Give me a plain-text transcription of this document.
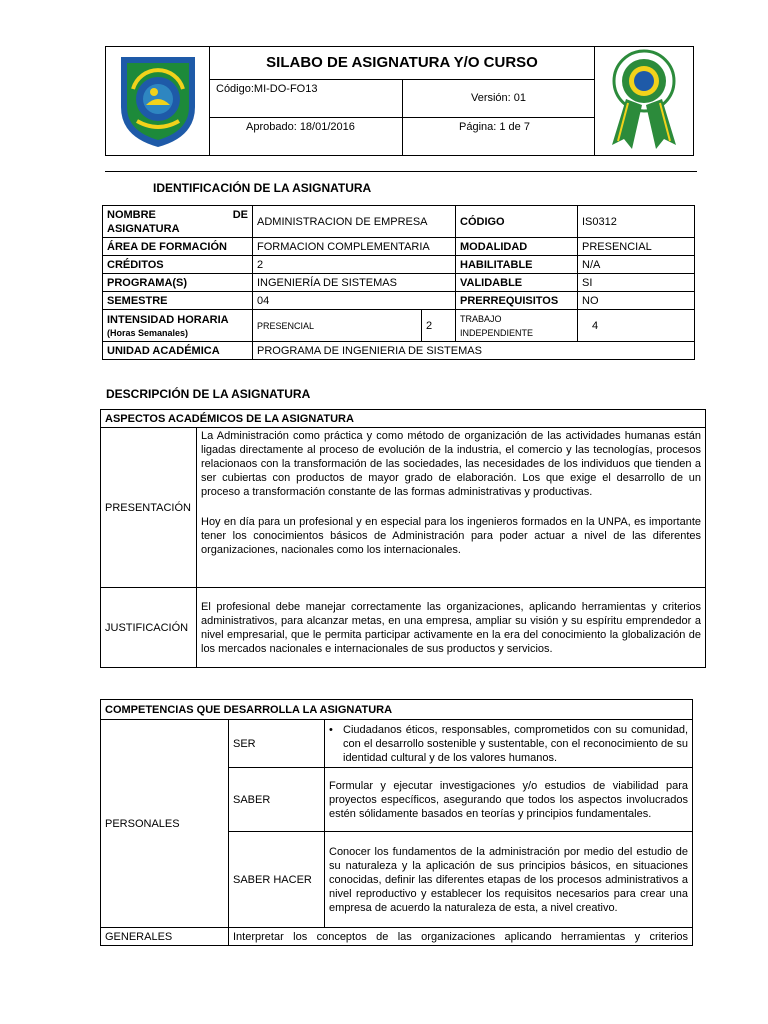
	SILABO DE ASIGNATURA Y/O CURSO	
	Código:MI-DO-FO13	Versión: 01	
	Aprobado: 18/01/2016	Página: 1 de 7	
IDENTIFICACIÓN DE LA ASIGNATURA
NOMBRE DE
ASIGNATURA	ADMINISTRACION DE EMPRESA		CÓDIGO	IS0312
ÁREA DE FORMACIÓN	FORMACION COMPLEMENTARIA		MODALIDAD	PRESENCIAL
CRÉDITOS	2		HABILITABLE	N/A
PROGRAMA(S)	INGENIERÍA DE SISTEMAS		VALIDABLE	SI
SEMESTRE	04		PRERREQUISITOS	NO

INTENSIDAD HORARIA
(Horas Semanales)	PRESENCIAL	2	TRABAJO INDEPENDIENTE	4
UNIDAD ACADÉMICA	PROGRAMA DE INGENIERIA DE SISTEMAS			
DESCRIPCIÓN DE LA ASIGNATURA
ASPECTOS ACADÉMICOS DE LA ASIGNATURA	
PRESENTACIÓN	La Administración como práctica y como método de organización de las actividades humanas están ligadas directamente al proceso de evolución de la industria, el comercio y las tecnologías, procesos relacionaos con la transformación de las sociedades, las necesidades de los individuos que tienden a ser cubiertas con productos de mayor grado de elaboración. Los que exige el desarrollo de un proceso a transformación constante de las formas administrativas y productivas.
Hoy en día para un profesional y en especial para los ingenieros formados en la UNPA, es importante tener los conocimientos básicos de Administración para poder actuar a nivel de las diferentes organizaciones, nacionales como los internacionales.

JUSTIFICACIÓN	El profesional debe manejar correctamente las organizaciones, aplicando herramientas y criterios administrativos, para alcanzar metas, en una empresa, ampliar su visión y su espíritu emprendedor a nivel empresarial, que le permita participar activamente en la era del conocimiento la globalización de los mercados nacionales e internacionales de sus productos y servicios.
COMPETENCIAS QUE DESARROLLA LA ASIGNATURA		
PERSONALES	SER	• Ciudadanos éticos, responsables, comprometidos con su comunidad, con el desarrollo sostenible y sustentable, con el reconocimiento de su identidad cultural y de los valores humanos.

	SABER	Formular y ejecutar investigaciones y/o estudios de viabilidad para proyectos específicos, asegurando que todos los aspectos involucrados estén sólidamente basados en teorías y principios fundamentales.
	SABER HACER	Conocer los fundamentos de la administración por medio del estudio de su naturaleza y la aplicación de sus principios básicos, en situaciones conocidas, definir las diferentes etapas de los procesos administrativos a nivel reproductivo y establecer los requisitos necesarios para crear una empresa de acuerdo la naturaleza de esta, a nivel creativo.
GENERALES	Interpretar los conceptos de las organizaciones aplicando herramientas y criterios	
